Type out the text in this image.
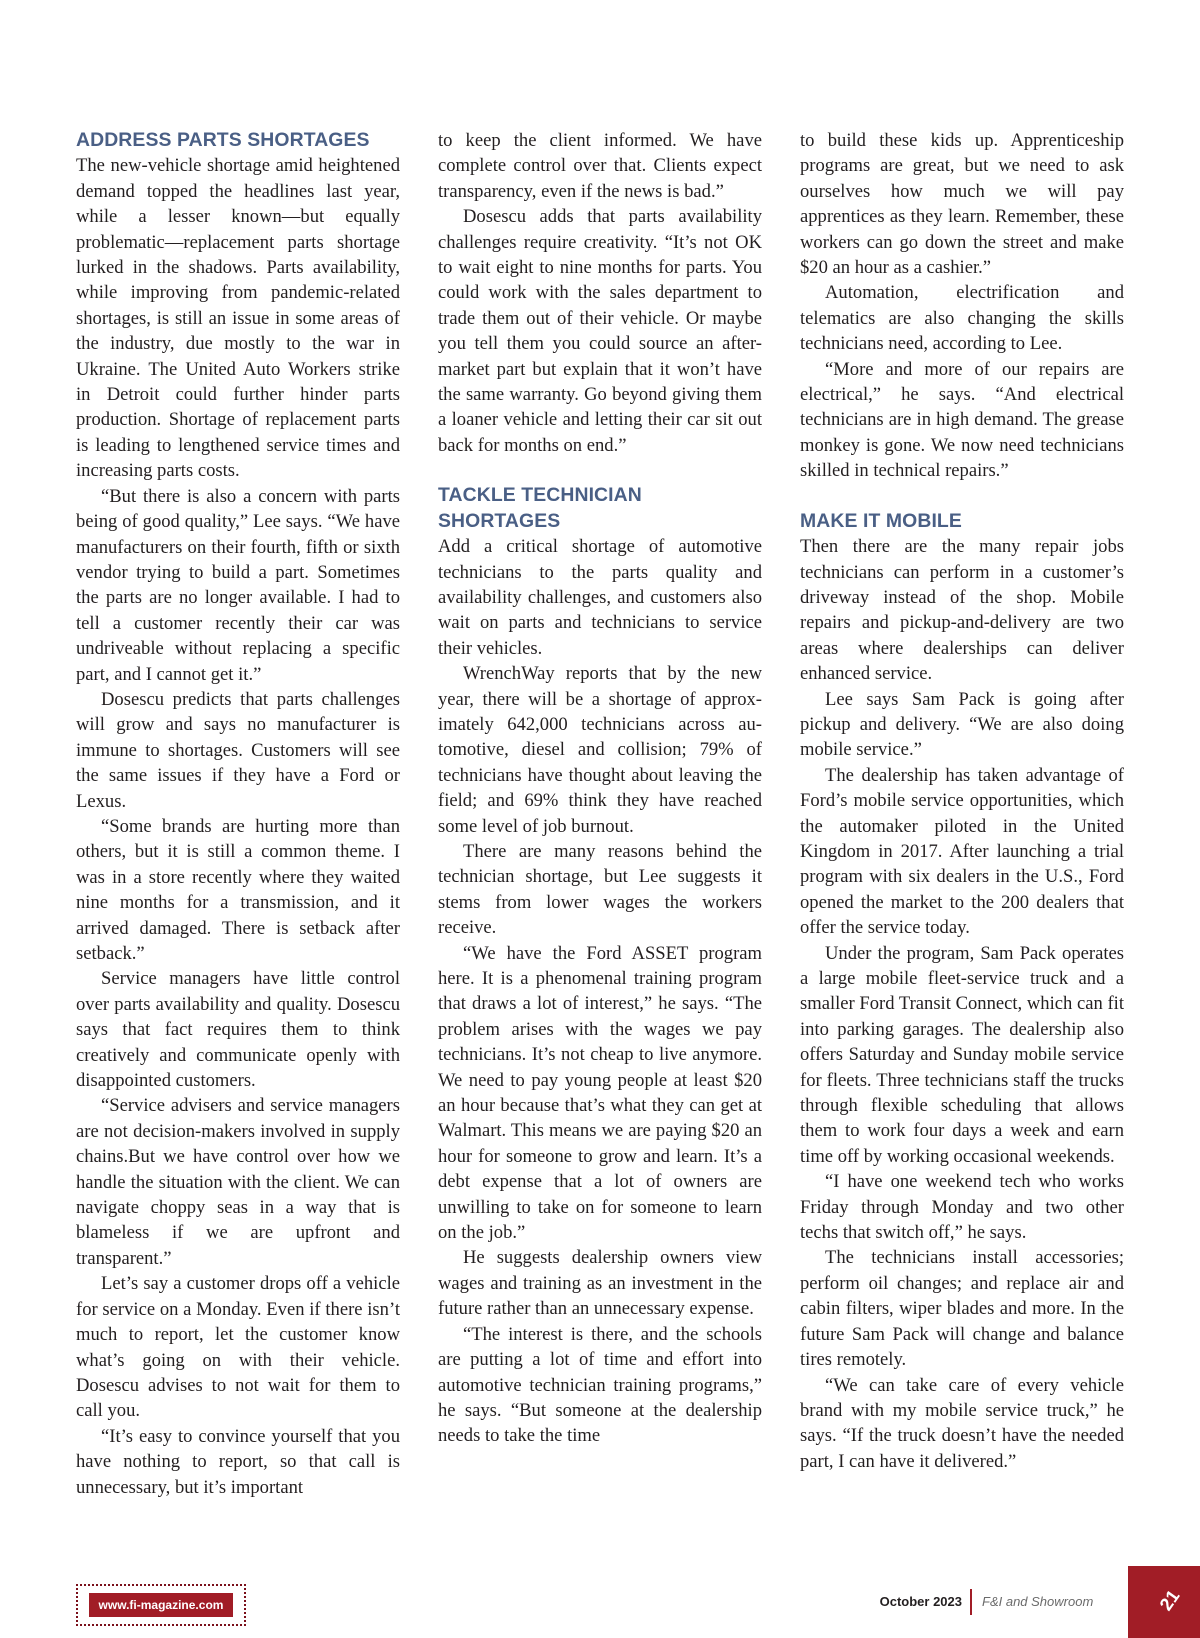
ADDRESS PARTS SHORTAGES

The new-vehicle shortage amid heightened demand topped the headlines last year, while a lesser known—but equally problematic—replacement parts shortage lurked in the shadows. Parts availability, while improving from pandemic-related shortages, is still an issue in some areas of the industry, due mostly to the war in Ukraine. The United Auto Workers strike in Detroit could further hinder parts production. Shortage of replacement parts is leading to lengthened service times and increasing parts costs.

“But there is also a concern with parts being of good quality,” Lee says. “We have manufacturers on their fourth, fifth or sixth vendor trying to build a part. Sometimes the parts are no longer available. I had to tell a customer recently their car was undriveable without replacing a specific part, and I cannot get it.”

Dosescu predicts that parts challenges will grow and says no manufacturer is immune to shortages. Customers will see the same issues if they have a Ford or Lexus.

“Some brands are hurting more than others, but it is still a common theme. I was in a store recently where they waited nine months for a transmission, and it arrived damaged. There is setback after setback.”

Service managers have little control over parts availability and quality. Dosescu says that fact requires them to think creatively and communicate openly with disappointed customers.

“Service advisers and service managers are not decision-makers involved in supply chains.But we have control over how we handle the situation with the client. We can navigate choppy seas in a way that is blameless if we are upfront and transparent.”

Let’s say a customer drops off a vehicle for service on a Monday. Even if there isn’t much to report, let the customer know what’s going on with their vehicle. Dosescu advises to not wait for them to call you.

“It’s easy to convince yourself that you have nothing to report, so that call is unnecessary, but it’s important

to keep the client informed. We have complete control over that. Clients expect transparency, even if the news is bad.”

Dosescu adds that parts availability challenges require creativity. “It’s not OK to wait eight to nine months for parts. You could work with the sales department to trade them out of their vehicle. Or maybe you tell them you could source an after-market part but explain that it won’t have the same warranty. Go beyond giving them a loaner vehicle and letting their car sit out back for months on end.”

TACKLE TECHNICIAN
SHORTAGES

Add a critical shortage of automotive technicians to the parts quality and availability challenges, and customers also wait on parts and technicians to service their vehicles.

WrenchWay reports that by the new year, there will be a shortage of approximately 642,000 technicians across automotive, diesel and collision; 79% of technicians have thought about leaving the field; and 69% think they have reached some level of job burnout.

There are many reasons behind the technician shortage, but Lee suggests it stems from lower wages the workers receive.

“We have the Ford ASSET program here. It is a phenomenal training program that draws a lot of interest,” he says. “The problem arises with the wages we pay technicians. It’s not cheap to live anymore. We need to pay young people at least $20 an hour because that’s what they can get at Walmart. This means we are paying $20 an hour for someone to grow and learn. It’s a debt expense that a lot of owners are unwilling to take on for someone to learn on the job.”

He suggests dealership owners view wages and training as an investment in the future rather than an unnecessary expense.

“The interest is there, and the schools are putting a lot of time and effort into automotive technician training programs,” he says. “But someone at the dealership needs to take the time

to build these kids up. Apprenticeship programs are great, but we need to ask ourselves how much we will pay apprentices as they learn. Remember, these workers can go down the street and make $20 an hour as a cashier.”

Automation, electrification and telematics are also changing the skills technicians need, according to Lee.

“More and more of our repairs are electrical,” he says. “And electrical technicians are in high demand. The grease monkey is gone. We now need technicians skilled in technical repairs.”

MAKE IT MOBILE

Then there are the many repair jobs technicians can perform in a customer’s driveway instead of the shop. Mobile repairs and pickup-and-delivery are two areas where dealerships can deliver enhanced service.

Lee says Sam Pack is going after pickup and delivery. “We are also doing mobile service.”

The dealership has taken advantage of Ford’s mobile service opportunities, which the automaker piloted in the United Kingdom in 2017. After launching a trial program with six dealers in the U.S., Ford opened the market to the 200 dealers that offer the service today.

Under the program, Sam Pack operates a large mobile fleet-service truck and a smaller Ford Transit Connect, which can fit into parking garages. The dealership also offers Saturday and Sunday mobile service for fleets. Three technicians staff the trucks through flexible scheduling that allows them to work four days a week and earn time off by working occasional weekends.

“I have one weekend tech who works Friday through Monday and two other techs that switch off,” he says.

The technicians install accessories; perform oil changes; and replace air and cabin filters, wiper blades and more. In the future Sam Pack will change and balance tires remotely.

“We can take care of every vehicle brand with my mobile service truck,” he says. “If the truck doesn’t have the needed part, I can have it delivered.”

www.fi-magazine.com	October 2023 F&I and Showroom	21
